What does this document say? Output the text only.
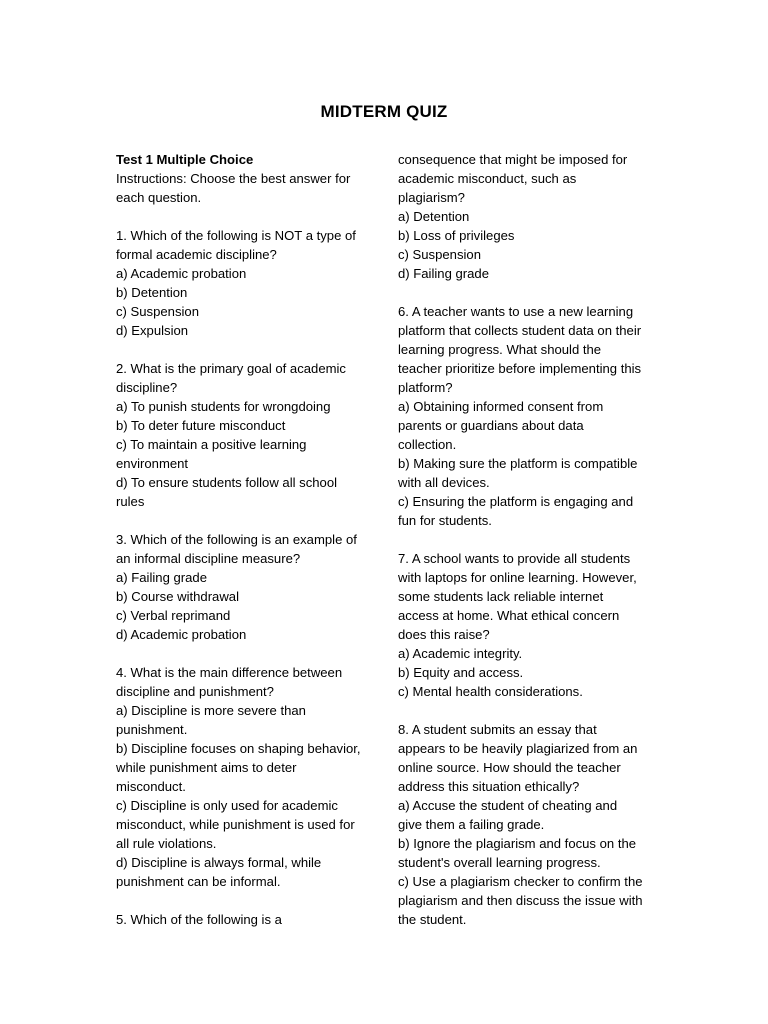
MIDTERM QUIZ
Test 1 Multiple Choice
Instructions: Choose the best answer for
each question.
1. Which of the following is NOT a type of
formal academic discipline?
a) Academic probation
b) Detention
c) Suspension
d) Expulsion
2. What is the primary goal of academic
discipline?
a) To punish students for wrongdoing
b) To deter future misconduct
c) To maintain a positive learning
environment
d) To ensure students follow all school
rules
3. Which of the following is an example of
an informal discipline measure?
a) Failing grade
b) Course withdrawal
c) Verbal reprimand
d) Academic probation
4. What is the main difference between
discipline and punishment?
a) Discipline is more severe than
punishment.
b) Discipline focuses on shaping behavior,
while punishment aims to deter
misconduct.
c) Discipline is only used for academic
misconduct, while punishment is used for
all rule violations.
d) Discipline is always formal, while
punishment can be informal.
5. Which of the following is a
consequence that might be imposed for
academic misconduct, such as
plagiarism?
a) Detention
b) Loss of privileges
c) Suspension
d) Failing grade
6. A teacher wants to use a new learning
platform that collects student data on their
learning progress. What should the
teacher prioritize before implementing this
platform?
a) Obtaining informed consent from
parents or guardians about data
collection.
b) Making sure the platform is compatible
with all devices.
c) Ensuring the platform is engaging and
fun for students.
7. A school wants to provide all students
with laptops for online learning. However,
some students lack reliable internet
access at home. What ethical concern
does this raise?
a) Academic integrity.
b) Equity and access.
c) Mental health considerations.
8. A student submits an essay that
appears to be heavily plagiarized from an
online source. How should the teacher
address this situation ethically?
a) Accuse the student of cheating and
give them a failing grade.
b) Ignore the plagiarism and focus on the
student's overall learning progress.
c) Use a plagiarism checker to confirm the
plagiarism and then discuss the issue with
the student.
